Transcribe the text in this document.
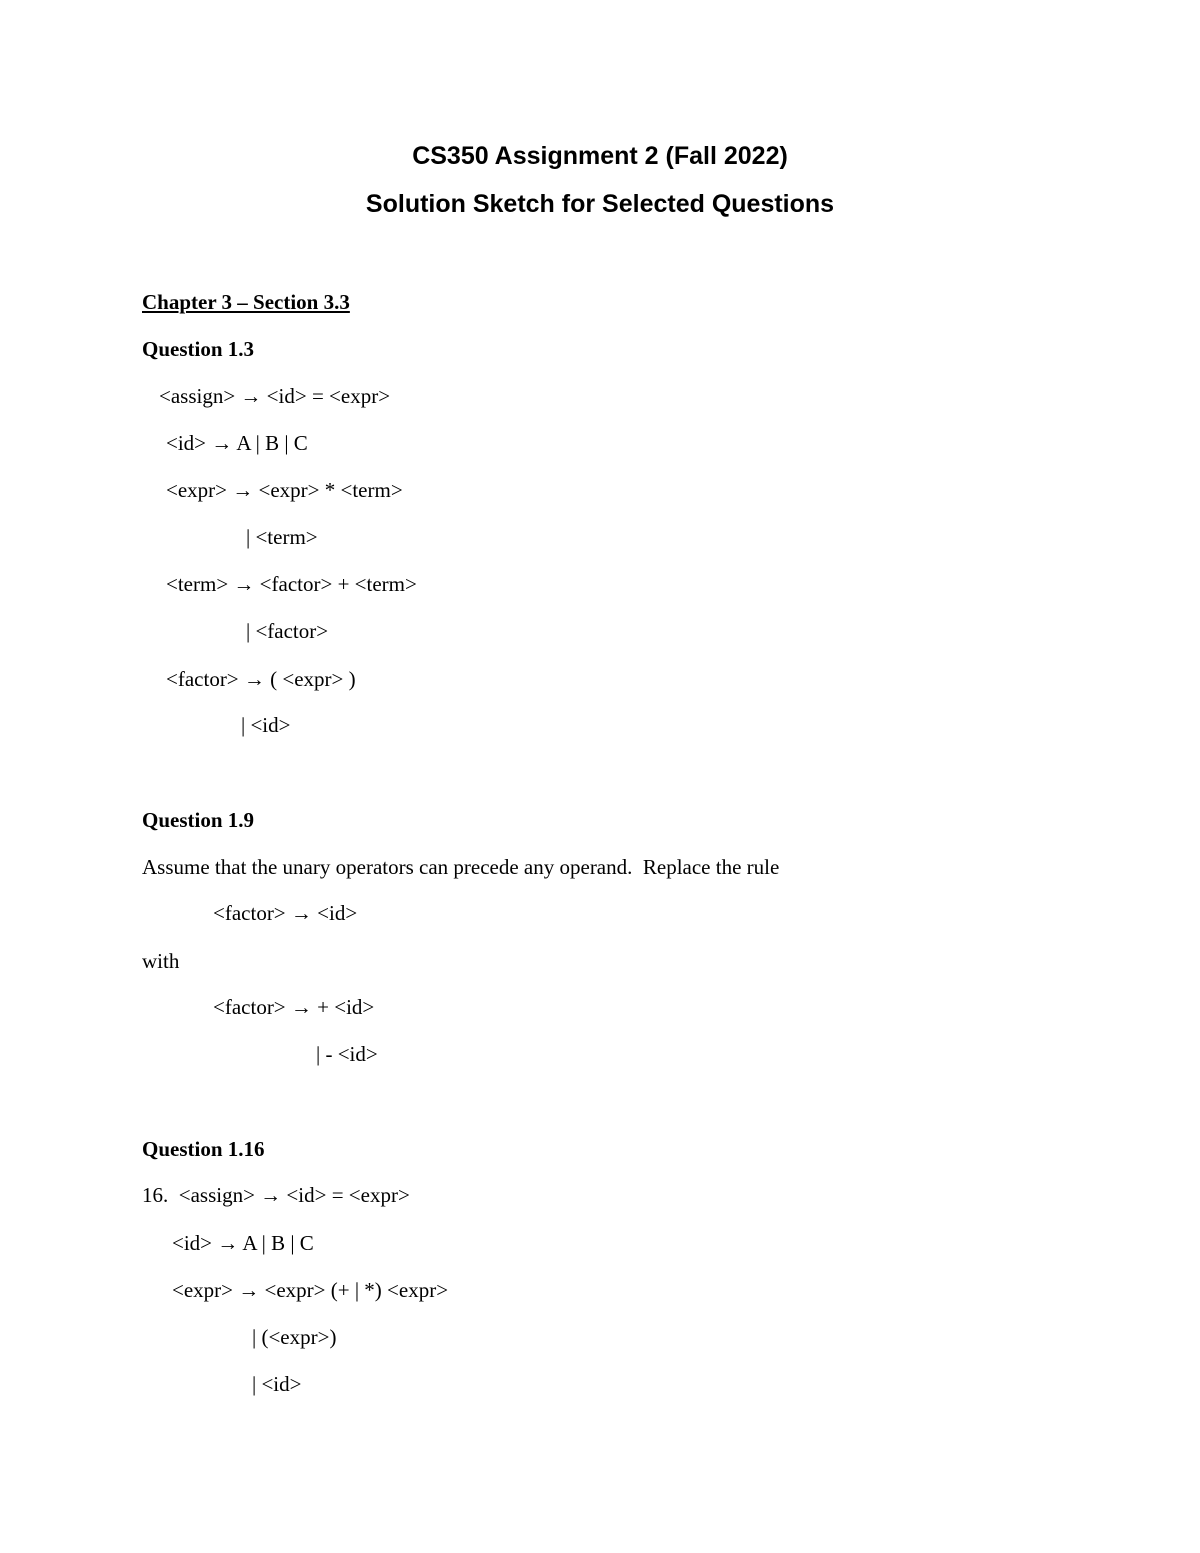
CS350 Assignment 2 (Fall 2022)
Solution Sketch for Selected Questions
Chapter 3 – Section 3.3
Question 1.3
<assign> → <id> = <expr>
<id> → A | B | C
<expr> → <expr> * <term>
| <term>
<term> → <factor> + <term>
| <factor>
<factor> → ( <expr> )
| <id>
Question 1.9
Assume that the unary operators can precede any operand.  Replace the rule
<factor> → <id>
with
<factor> → + <id>
| - <id>
Question 1.16
16.  <assign> → <id> = <expr>
<id> → A | B | C
<expr> → <expr> (+ | *) <expr>
| (<expr>)
| <id>
